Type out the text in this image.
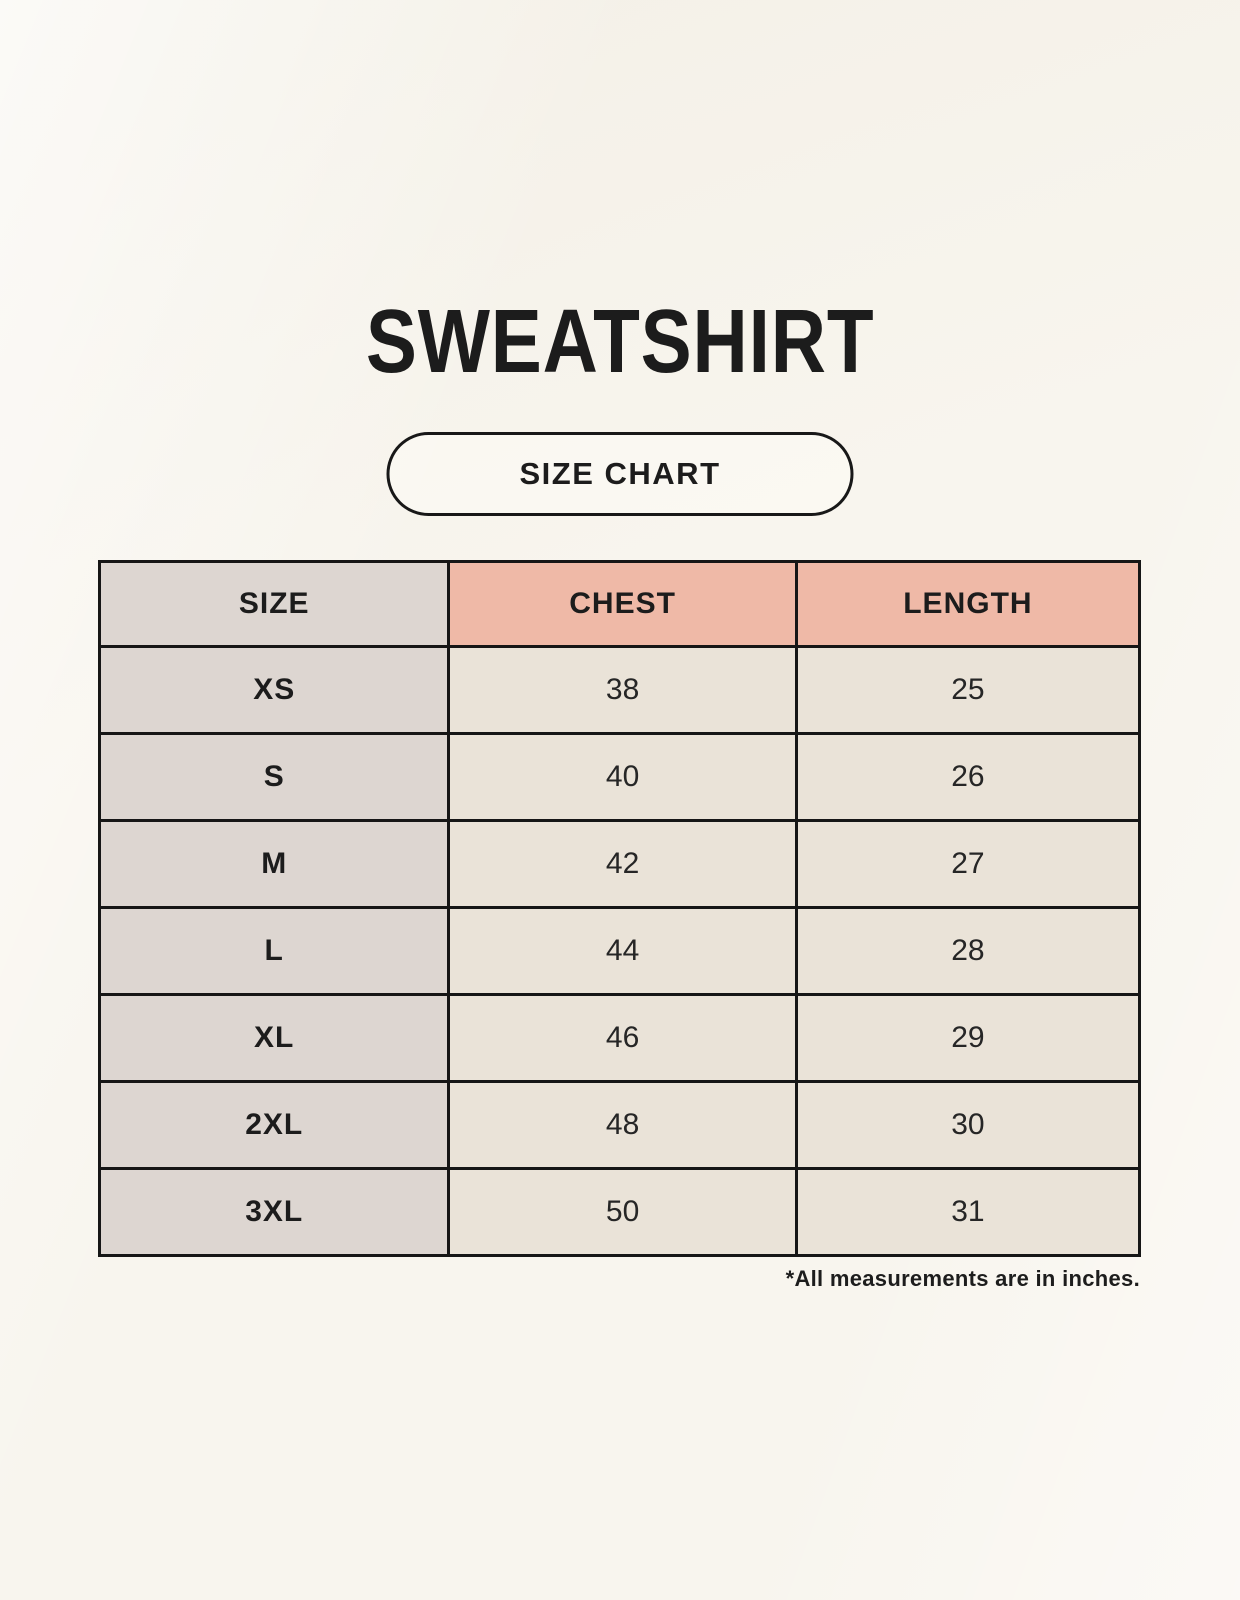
SWEATSHIRT
SIZE CHART
SIZE	CHEST	LENGTH
XS	38	25
S	40	26
M	42	27
L	44	28
XL	46	29
2XL	48	30
3XL	50	31
*All measurements are in inches.
